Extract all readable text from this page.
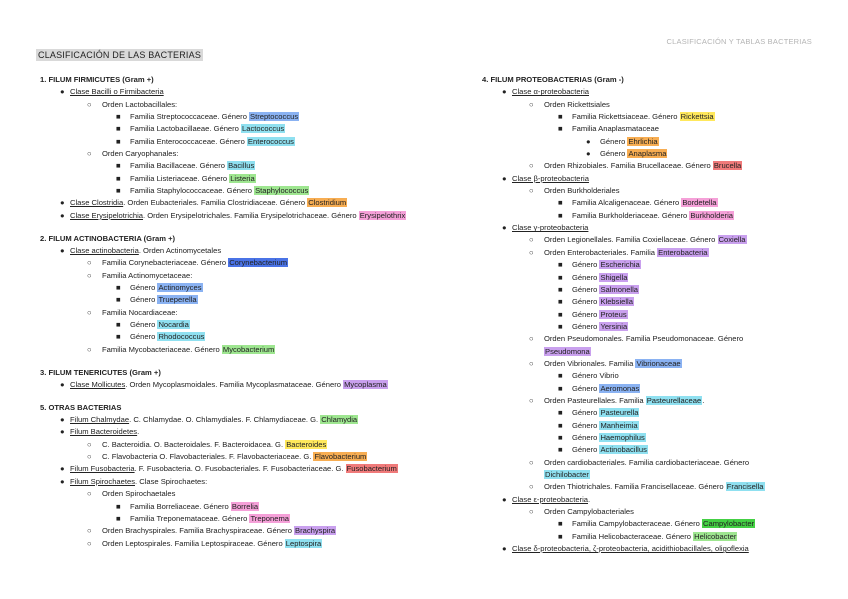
CLASIFICACIÓN Y TABLAS BACTERIAS
CLASIFICACIÓN DE LAS BACTERIAS
1. FILUM FIRMICUTES (Gram +)
● Clase Bacilli o Firmibacteria
○ Orden Lactobacillales:
■ Familia Streptococcaceae. Género Streptococcus
■ Familia Lactobacillaeae. Género Lactococcus
■ Familia Enterococcaceae. Género Enterococcus
○ Orden Caryophanales:
■ Familia Bacillaceae. Género Bacillus
■ Familia Listeriaceae. Género Listeria
■ Familia Staphylococcaceae. Género Staphylococcus
● Clase Clostridia. Orden Eubacteriales. Familia Clostridiaceae. Género Clostridium
● Clase Erysipelotrichia. Orden Erysipelotrichales. Familia Erysipelotrichaceae. Género Erysipelothrix
2. FILUM ACTINOBACTERIA (Gram +)
● Clase actinobacteria. Orden Actinomycetales
○ Familia Corynebacteriaceae. Género Corynebacterium
○ Familia Actinomycetaceae:
■ Género Actinomyces
■ Género Trueperella
○ Familia Nocardiaceae:
■ Género Nocardia
■ Género Rhodococcus
○ Familia Mycobacteriaceae. Género Mycobacterium
3. FILUM TENERICUTES (Gram +)
● Clase Mollicutes. Orden Mycoplasmoidales. Familia Mycoplasmataceae. Género Mycoplasma
5. OTRAS BACTERIAS
● Filum Chalmydae. C. Chlamydae. O. Chlamydiales. F. Chlamydiaceae. G. Chlamydia
● Filum Bacteroidetes.
○ C. Bacteroidia. O. Bacteroidales. F. Bacteroidacea. G. Bacteroides
○ C. Flavobacteria O. Flavobacteriales. F. Flavobacteriaceae. G. Flavobacterium
● Filum Fusobacteria. F. Fusobacteria. O. Fusobacteriales. F. Fusobacteriaceae. G. Fusobacterium
● Filum Spirochaetes. Clase Spirochaetes:
○ Orden Spirochaetales
■ Familia Borreliaceae. Género Borrelia
■ Familia Treponemataceae. Género Treponema
○ Orden Brachyspirales. Familia Brachyspiraceae. Género Brachyspira
○ Orden Leptospirales. Familia Leptospiraceae. Género Leptospira
4. FILUM PROTEOBACTERIAS (Gram -)
● Clase α-proteobacteria
○ Orden Rickettsiales
■ Familia Rickettsiaceae. Género Rickettsia
■ Familia Anaplasmataceae
● Género Ehrlichia
● Género Anaplasma
○ Orden Rhizobiales. Familia Brucellaceae. Género Brucella
● Clase β-proteobacteria
○ Orden Burkholderiales
■ Familia Alcaligenaceae. Género Bordetella
■ Familia Burkholderiaceae. Género Burkholderia
● Clase γ-proteobacteria
○ Orden Legionellales. Familia Coxiellaceae. Género Coxiella
○ Orden Enterobacteriales. Familia Enterobacteria
■ Género Escherichia
■ Género Shigella
■ Género Salmonella
■ Género Klebsiella
■ Género Proteus
■ Género Yersinia
○ Orden Pseudomonales. Familia Pseudomonaceae. Género
Pseudomona
○ Orden Vibrionales. Familia Vibrionaceae
■ Género Vibrio
■ Género Aeromonas
○ Orden Pasteurellales. Familia Pasteurellaceae.
■ Género Pasteurella
■ Género Manheimia
■ Género Haemophilus
■ Género Actinobacillus
○ Orden cardiobacteriales. Familia cardiobacteriaceae. Género
Dichilobacter
○ Orden Thiotrichales. Familia Francisellaceae. Género Francisella
● Clase ε-proteobacteria.
○ Orden Campylobacteriales
■ Familia Campylobacteraceae. Género Campylobacter
■ Familia Helicobacteraceae. Género Helicobacter
● Clase δ-proteobacteria, ζ-proteobacteria, acidithiobacillales, oligoflexia
